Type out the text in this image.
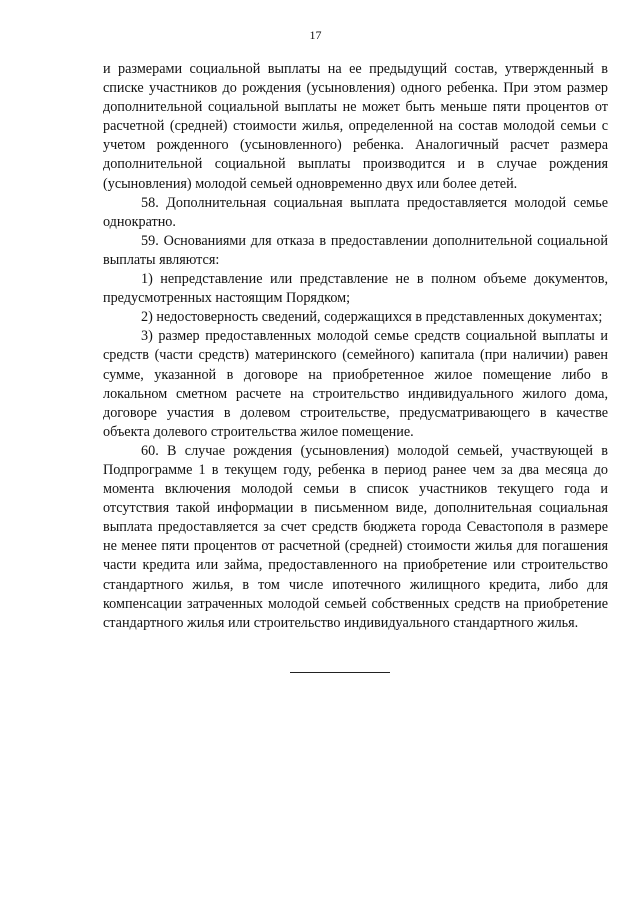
17

и размерами социальной выплаты на ее предыдущий состав, утвержденный в списке участников до рождения (усыновления) одного ребенка. При этом размер дополнительной социальной выплаты не может быть меньше пяти процентов от расчетной (средней) стоимости жилья, определенной на состав молодой семьи с учетом рожденного (усыновленного) ребенка. Аналогичный расчет размера дополнительной социальной выплаты производится и в случае рождения (усыновления) молодой семьей одновременно двух или более детей.

58. Дополнительная социальная выплата предоставляется молодой семье однократно.

59. Основаниями для отказа в предоставлении дополнительной социальной выплаты являются:

1) непредставление или представление не в полном объеме документов, предусмотренных настоящим Порядком;

2) недостоверность сведений, содержащихся в представленных документах;

3) размер предоставленных молодой семье средств социальной выплаты и средств (части средств) материнского (семейного) капитала (при наличии) равен сумме, указанной в договоре на приобретенное жилое помещение либо в локальном сметном расчете на строительство индивидуального жилого дома, договоре участия в долевом строительстве, предусматривающего в качестве объекта долевого строительства жилое помещение.

60. В случае рождения (усыновления) молодой семьей, участвующей в Подпрограмме 1 в текущем году, ребенка в период ранее чем за два месяца до момента включения молодой семьи в список участников текущего года и отсутствия такой информации в письменном виде, дополнительная социальная выплата предоставляется за счет средств бюджета города Севастополя в размере не менее пяти процентов от расчетной (средней) стоимости жилья для погашения части кредита или займа, предоставленного на приобретение или строительство стандартного жилья, в том числе ипотечного жилищного кредита, либо для компенсации затраченных молодой семьей собственных средств на приобретение стандартного жилья или строительство индивидуального стандартного жилья.
